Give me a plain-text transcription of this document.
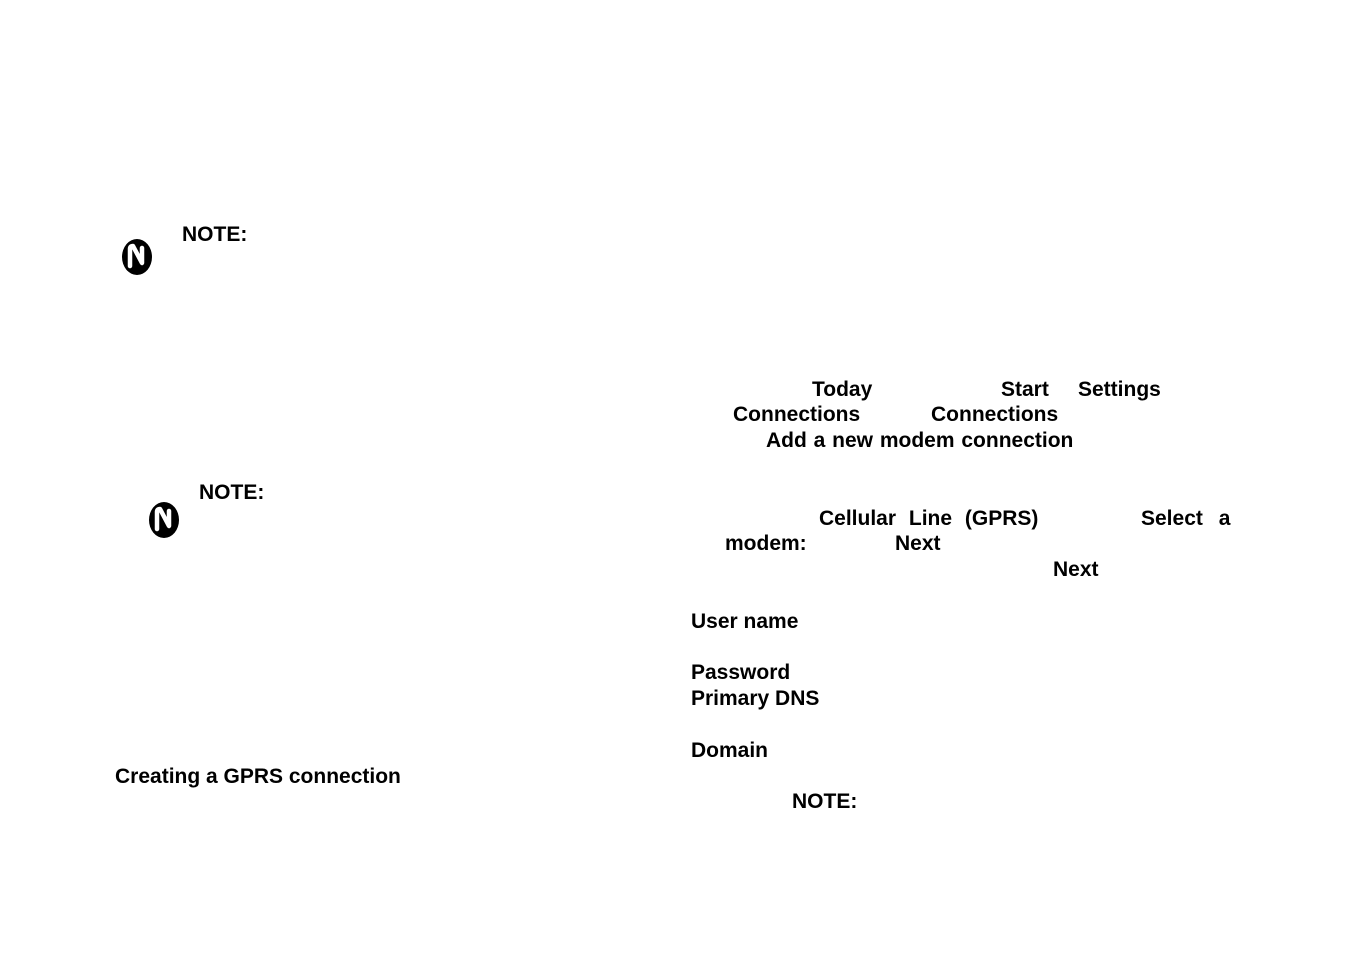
NOTE:
NOTE:
Creating a GPRS connection
Today	Start Settings
Connections	Connections
Add a new modem connection
Cellular Line (GPRS)	Select a
modem:	Next
Next
User name
Password
Primary DNS
Domain
NOTE:
